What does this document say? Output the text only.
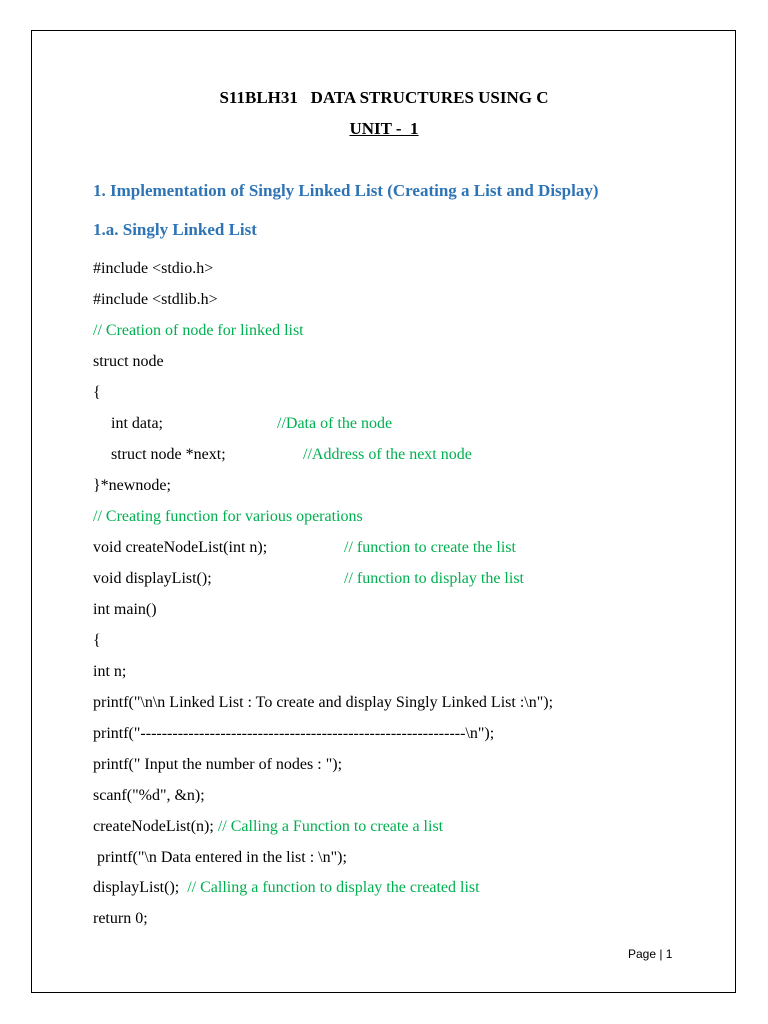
S11BLH31   DATA STRUCTURES USING C
UNIT -  1
1. Implementation of Singly Linked List (Creating a List and Display)
1.a. Singly Linked List
#include <stdio.h>
#include <stdlib.h>
// Creation of node for linked list
struct node
{
int data;	//Data of the node
struct node *next;	//Address of the next node
}*newnode;
// Creating function for various operations
void createNodeList(int n);	// function to create the list
void displayList();	// function to display the list
int main()
{
int n;
printf("\n\n Linked List : To create and display Singly Linked List :\n");
printf("-------------------------------------------------------------\n");
printf(" Input the number of nodes : ");
scanf("%d", &n);
createNodeList(n); // Calling a Function to create a list
printf("\n Data entered in the list : \n");
displayList();  // Calling a function to display the created list
return 0;
Page | 1
